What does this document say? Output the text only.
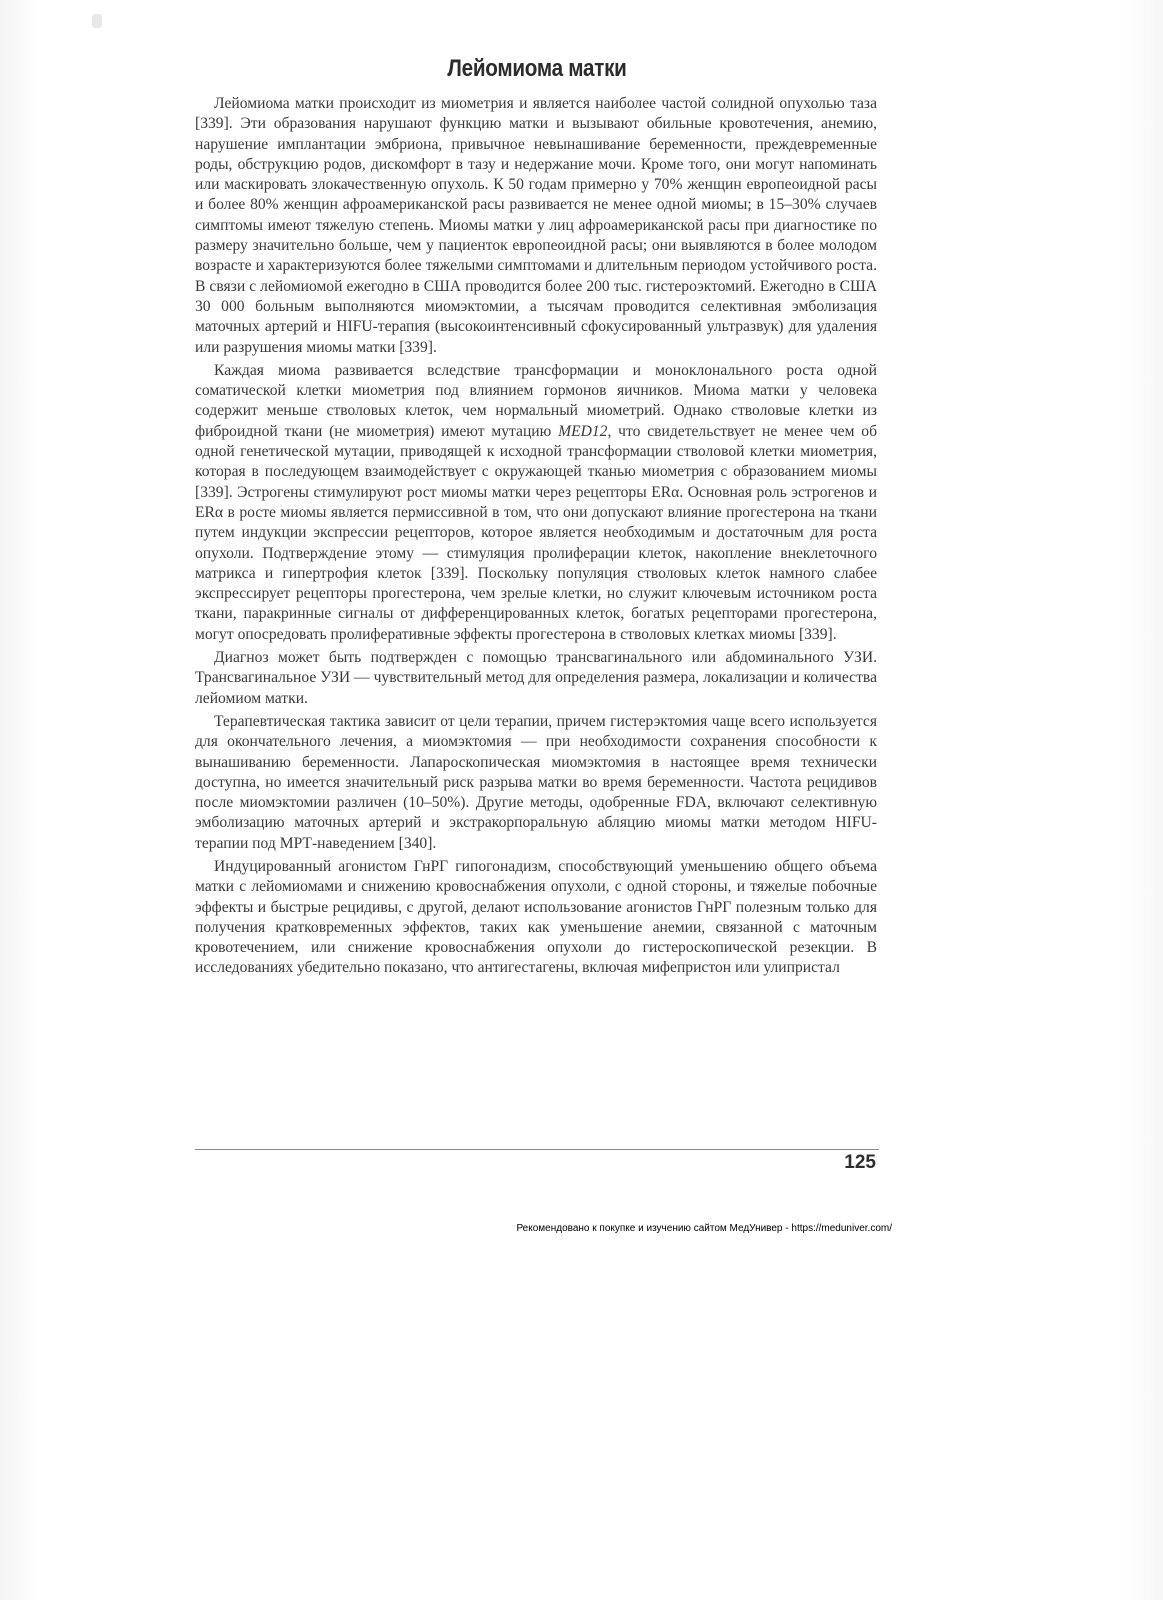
Лейомиома матки

Лейомиома матки происходит из миометрия и является наиболее частой солидной опухолью таза [339]. Эти образования нарушают функцию матки и вызывают обильные кровотечения, анемию, нарушение имплантации эмбриона, привычное невынашивание беременности, преждевременные роды, обструкцию родов, дискомфорт в тазу и недержание мочи. Кроме того, они могут напоминать или маскировать злокачественную опухоль. К 50 годам примерно у 70% женщин европеоидной расы и более 80% женщин афроамериканской расы развивается не менее одной миомы; в 15–30% случаев симптомы имеют тяжелую степень. Миомы матки у лиц афроамериканской расы при диагностике по размеру значительно больше, чем у пациенток европеоидной расы; они выявляются в более молодом возрасте и характеризуются более тяжелыми симптомами и длительным периодом устойчивого роста. В связи с лейомиомой ежегодно в США проводится более 200 тыс. гистероэктомий. Ежегодно в США 30 000 больным выполняются миомэктомии, а тысячам проводится селективная эмболизация маточных артерий и HIFU-терапия (высокоинтенсивный сфокусированный ультразвук) для удаления или разрушения миомы матки [339].

Каждая миома развивается вследствие трансформации и моноклонального роста одной соматической клетки миометрия под влиянием гормонов яичников. Миома матки у человека содержит меньше стволовых клеток, чем нормальный миометрий. Однако стволовые клетки из фиброидной ткани (не миометрия) имеют мутацию MED12, что свидетельствует не менее чем об одной генетической мутации, приводящей к исходной трансформации стволовой клетки миометрия, которая в последующем взаимодействует с окружающей тканью миометрия с образованием миомы [339]. Эстрогены стимулируют рост миомы матки через рецепторы ERα. Основная роль эстрогенов и ERα в росте миомы является пермиссивной в том, что они допускают влияние прогестерона на ткани путем индукции экспрессии рецепторов, которое является необходимым и достаточным для роста опухоли. Подтверждение этому — стимуляция пролиферации клеток, накопление внеклеточного матрикса и гипертрофия клеток [339]. Поскольку популяция стволовых клеток намного слабее экспрессирует рецепторы прогестерона, чем зрелые клетки, но служит ключевым источником роста ткани, паракринные сигналы от дифференцированных клеток, богатых рецепторами прогестерона, могут опосредовать пролиферативные эффекты прогестерона в стволовых клетках миомы [339].

Диагноз может быть подтвержден с помощью трансвагинального или абдоминального УЗИ. Трансвагинальное УЗИ — чувствительный метод для определения размера, локализации и количества лейомиом матки.

Терапевтическая тактика зависит от цели терапии, причем гистерэктомия чаще всего используется для окончательного лечения, а миомэктомия — при необходимости сохранения способности к вынашиванию беременности. Лапароскопическая миомэктомия в настоящее время технически доступна, но имеется значительный риск разрыва матки во время беременности. Частота рецидивов после миомэктомии различен (10–50%). Другие методы, одобренные FDA, включают селективную эмболизацию маточных артерий и экстракорпоральную абляцию миомы матки методом HIFU-терапии под МРТ-наведением [340].

Индуцированный агонистом ГнРГ гипогонадизм, способствующий уменьшению общего объема матки с лейомиомами и снижению кровоснабжения опухоли, с одной стороны, и тяжелые побочные эффекты и быстрые рецидивы, с другой, делают использование агонистов ГнРГ полезным только для получения кратковременных эффектов, таких как уменьшение анемии, связанной с маточным кровотечением, или снижение кровоснабжения опухоли до гистероскопической резекции. В исследованиях убедительно показано, что антигестагены, включая мифепристон или улипристал

125
Рекомендовано к покупке и изучению сайтом МедУнивер - https://meduniver.com/
